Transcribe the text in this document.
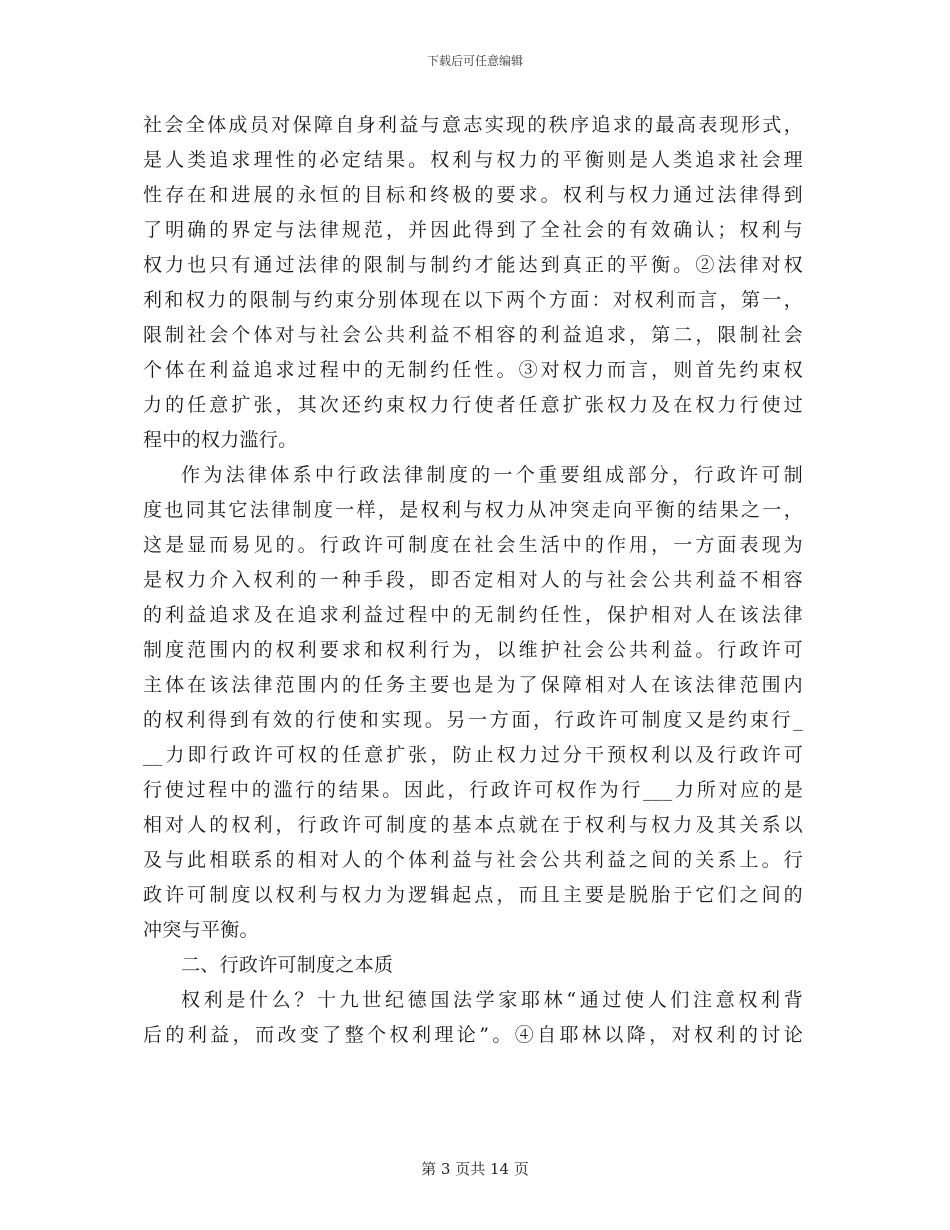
下载后可任意编辑
社会全体成员对保障自身利益与意志实现的秩序追求的最高表现形式，
是人类追求理性的必定结果。权利与权力的平衡则是人类追求社会理
性存在和进展的永恒的目标和终极的要求。权利与权力通过法律得到
了明确的界定与法律规范，并因此得到了全社会的有效确认；权利与
权力也只有通过法律的限制与制约才能达到真正的平衡。②法律对权
利和权力的限制与约束分别体现在以下两个方面：对权利而言，第一，
限制社会个体对与社会公共利益不相容的利益追求，第二，限制社会
个体在利益追求过程中的无制约任性。③对权力而言，则首先约束权
力的任意扩张，其次还约束权力行使者任意扩张权力及在权力行使过
程中的权力滥行。
作为法律体系中行政法律制度的一个重要组成部分，行政许可制
度也同其它法律制度一样，是权利与权力从冲突走向平衡的结果之一，
这是显而易见的。行政许可制度在社会生活中的作用，一方面表现为
是权力介入权利的一种手段，即否定相对人的与社会公共利益不相容
的利益追求及在追求利益过程中的无制约任性，保护相对人在该法律
制度范围内的权利要求和权利行为，以维护社会公共利益。行政许可
主体在该法律范围内的任务主要也是为了保障相对人在该法律范围内
的权利得到有效的行使和实现。另一方面，行政许可制度又是约束行_
__力即行政许可权的任意扩张，防止权力过分干预权利以及行政许可
行使过程中的滥行的结果。因此，行政许可权作为行___力所对应的是
相对人的权利，行政许可制度的基本点就在于权利与权力及其关系以
及与此相联系的相对人的个体利益与社会公共利益之间的关系上。行
政许可制度以权利与权力为逻辑起点，而且主要是脱胎于它们之间的
冲突与平衡。
二、行政许可制度之本质
权利是什么？十九世纪德国法学家耶林“通过使人们注意权利背
后的利益，而改变了整个权利理论”。④自耶林以降，对权利的讨论
第 3 页共 14 页
